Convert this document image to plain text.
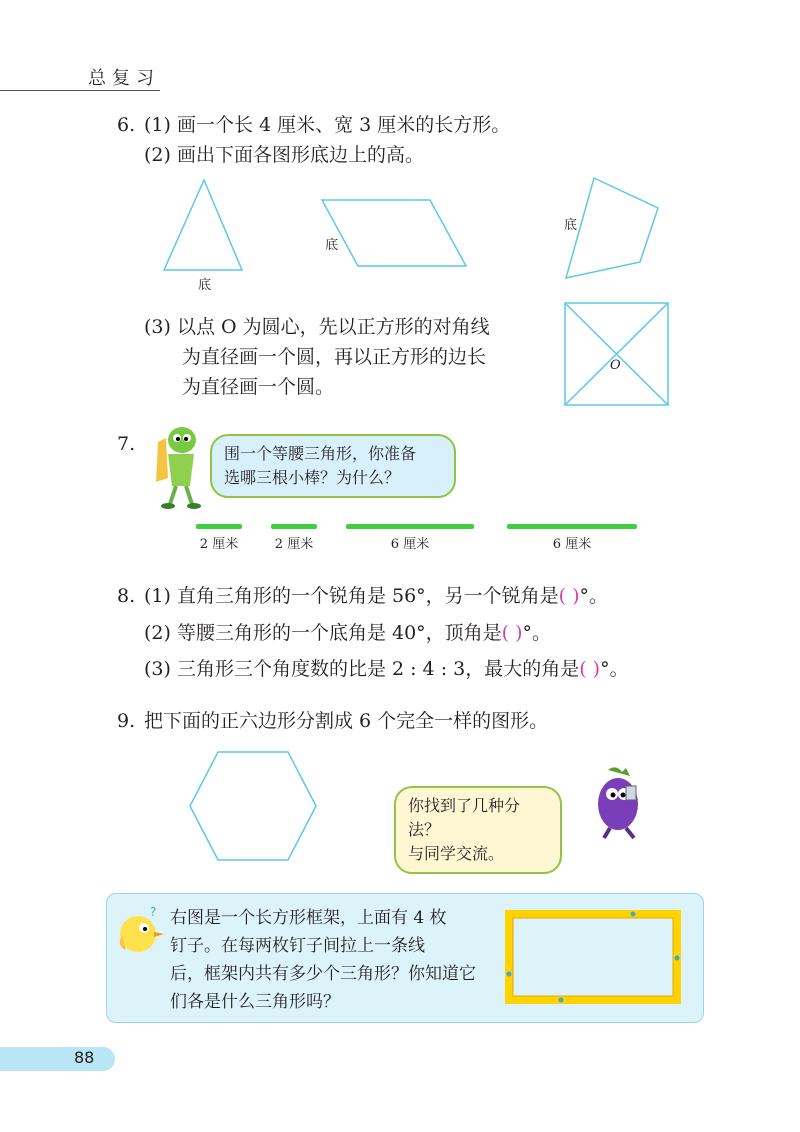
总复习
6. (1) 画一个长 4 厘米、宽 3 厘米的长方形。
(2) 画出下面各图形底边上的高。
底
底
底
(3) 以点 O 为圆心，先以正方形的对角线
为直径画一个圆，再以正方形的边长
为直径画一个圆。
O
7.	围一个等腰三角形，你准备
选哪三根小棒？为什么？
2 厘米	2 厘米	6 厘米	6 厘米
8. (1) 直角三角形的一个锐角是 56°，另一个锐角是( )°。
(2) 等腰三角形的一个底角是 40°，顶角是( )°。
(3) 三角形三个角度数的比是 2 : 4 : 3，最大的角是( )°。
9. 把下面的正六边形分割成 6 个完全一样的图形。
你找到了几种分法？
与同学交流。
? 右图是一个长方形框架，上面有 4 枚
钉子。在每两枚钉子间拉上一条线
后，框架内共有多少个三角形？你知道它
们各是什么三角形吗？
88
